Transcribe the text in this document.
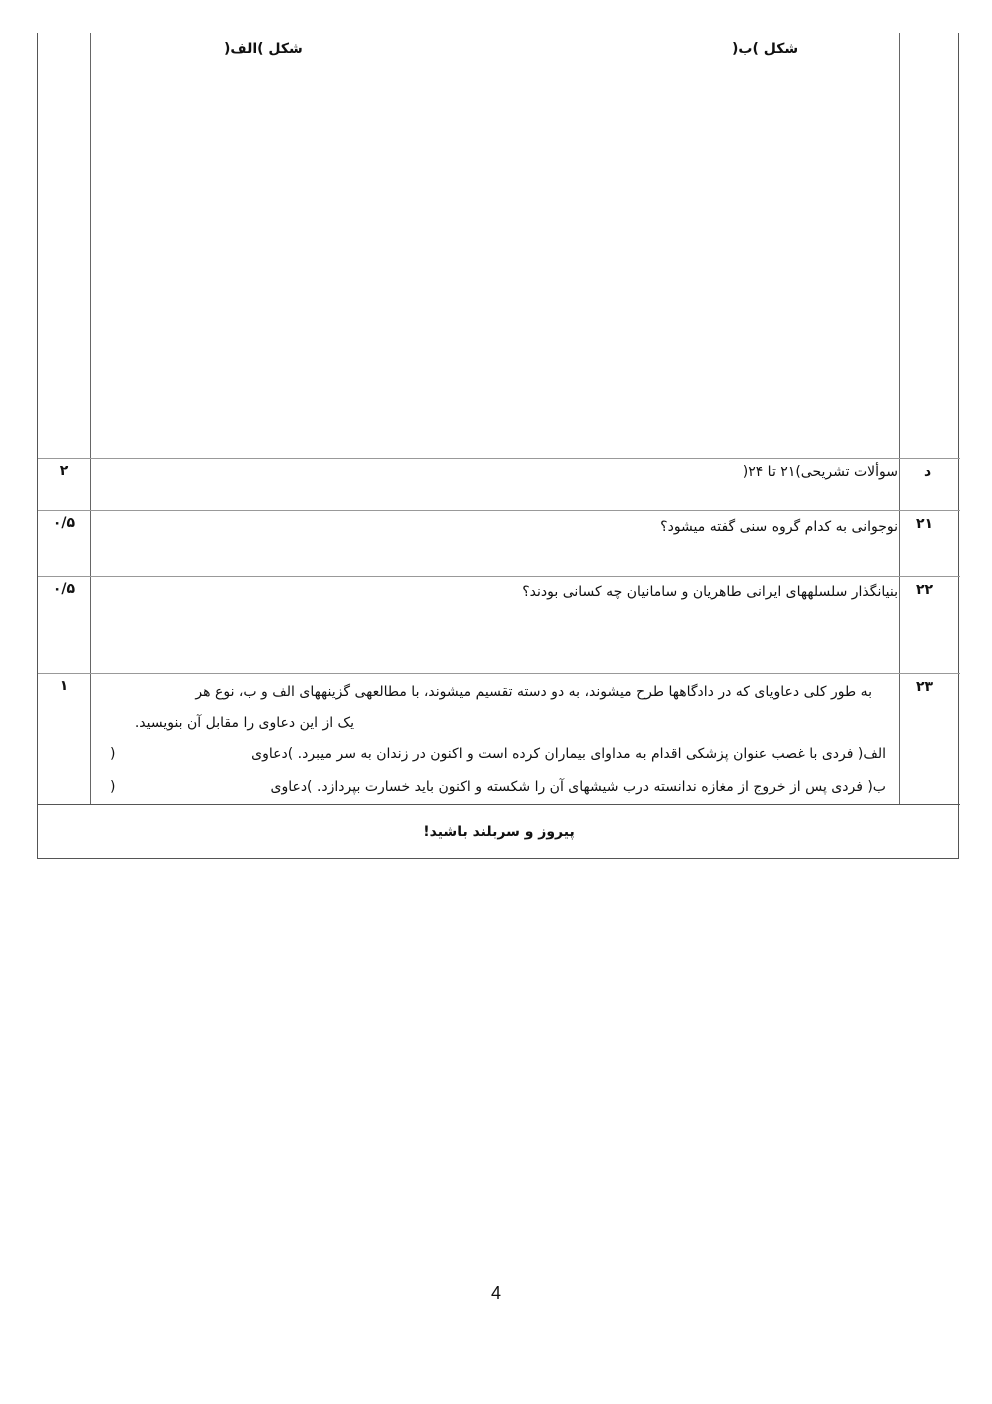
شکل )الف(	شکل )ب(
د
سوألات تشریحی)۲۱ تا ۲۴(
۲
۲۱
نوجوانی به کدام گروه سنی گفته میشود؟
۰/۵
۲۲
بنیانگذار سلسلههای ایرانی طاهریان و سامانیان چه کسانی بودند؟
۰/۵
۲۳
به طور کلی دعاویای که در دادگاهها طرح میشوند، به دو دسته تقسیم میشوند، با مطالعهی گزینههای الف و ب، نوع هر
یک از این دعاوی را مقابل آن بنویسید.
الف( فردی با غصب عنوان پزشکی اقدام به مداوای بیماران کرده است و اکنون در زندان به سر میبرد. )دعاوی
(
ب( فردی پس از خروج از مغازه ندانسته درب شیشهای آن را شکسته و اکنون باید خسارت بپردازد. )دعاوی
(
۱
پیروز و سربلند باشید!
4
